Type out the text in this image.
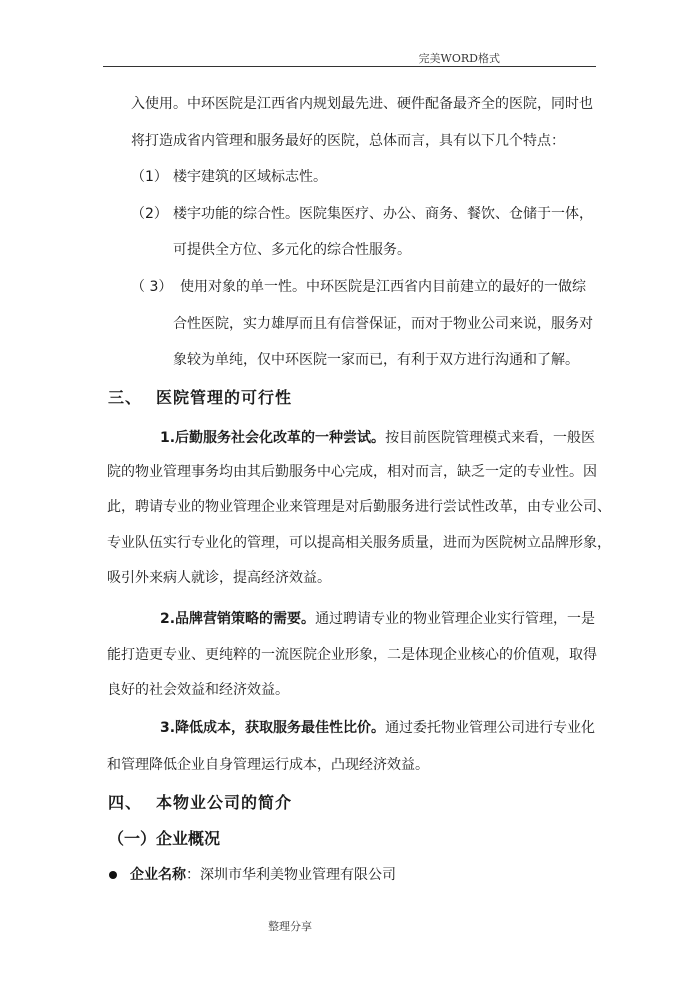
完美WORD格式
入使用。中环医院是江西省内规划最先进、硬件配备最齐全的医院，同时也
将打造成省内管理和服务最好的医院，总体而言，具有以下几个特点：
（1） 楼宇建筑的区域标志性。
（2） 楼宇功能的综合性。医院集医疗、办公、商务、餐饮、仓储于一体，
可提供全方位、多元化的综合性服务。
（ 3） 使用对象的单一性。中环医院是江西省内目前建立的最好的一做综
合性医院，实力雄厚而且有信誉保证，而对于物业公司来说，服务对
象较为单纯，仅中环医院一家而已，有利于双方进行沟通和了解。
三、 医院管理的可行性
1.后勤服务社会化改革的一种尝试。按目前医院管理模式来看，一般医
院的物业管理事务均由其后勤服务中心完成，相对而言，缺乏一定的专业性。因
此，聘请专业的物业管理企业来管理是对后勤服务进行尝试性改革，由专业公司、
专业队伍实行专业化的管理，可以提高相关服务质量，进而为医院树立品牌形象，
吸引外来病人就诊，提高经济效益。
2.品牌营销策略的需要。通过聘请专业的物业管理企业实行管理，一是
能打造更专业、更纯粹的一流医院企业形象，二是体现企业核心的价值观，取得
良好的社会效益和经济效益。
3.降低成本，获取服务最佳性比价。通过委托物业管理公司进行专业化
和管理降低企业自身管理运行成本，凸现经济效益。
四、 本物业公司的简介
（一）企业概况
企业名称：深圳市华利美物业管理有限公司
整理分享
